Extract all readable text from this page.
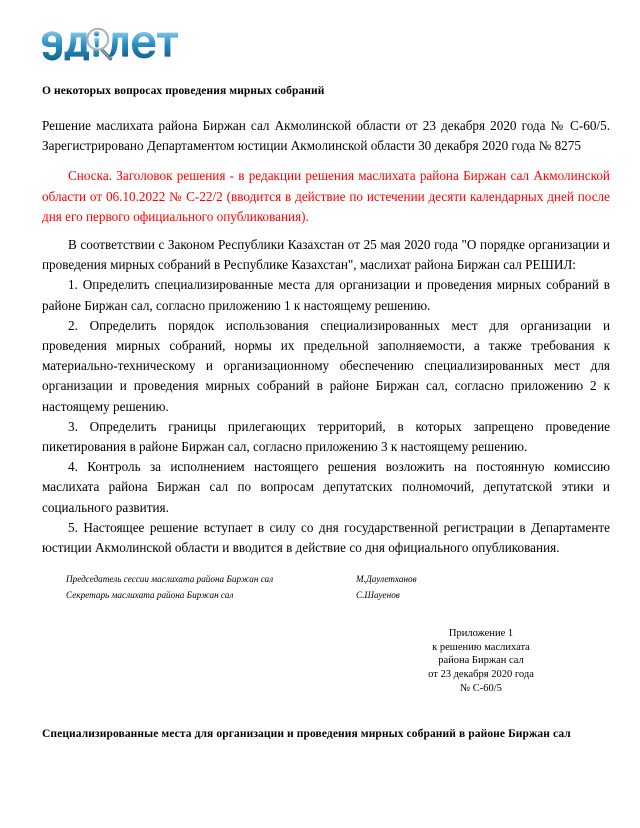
О некоторых вопросах проведения мирных собраний

Решение маслихата района Биржан сал Акмолинской области от 23 декабря 2020 года № С-60/5. Зарегистрировано Департаментом юстиции Акмолинской области 30 декабря 2020 года № 8275

Сноска. Заголовок решения - в редакции решения маслихата района Биржан сал Акмолинской области от 06.10.2022 № С-22/2 (вводится в действие по истечении десяти календарных дней после дня его первого официального опубликования).

В соответствии с Законом Республики Казахстан от 25 мая 2020 года "О порядке организации и проведения мирных собраний в Республике Казахстан", маслихат района Биржан сал РЕШИЛ:

1. Определить специализированные места для организации и проведения мирных собраний в районе Биржан сал, согласно приложению 1 к настоящему решению.

2. Определить порядок использования специализированных мест для организации и проведения мирных собраний, нормы их предельной заполняемости, а также требования к материально-техническому и организационному обеспечению специализированных мест для организации и проведения мирных собраний в районе Биржан сал, согласно приложению 2 к настоящему решению.

3. Определить границы прилегающих территорий, в которых запрещено проведение пикетирования в районе Биржан сал, согласно приложению 3 к настоящему решению.

4. Контроль за исполнением настоящего решения возложить на постоянную комиссию маслихата района Биржан сал по вопросам депутатских полномочий, депутатской этики и социального развития.

5. Настоящее решение вступает в силу со дня государственной регистрации в Департаменте юстиции Акмолинской области и вводится в действие со дня официального опубликования.

Председатель сессии маслихата района Биржан сал	М.Даулетханов
Секретарь маслихата района Биржан сал	С.Шауенов
Приложение 1
к решению маслихата
района Биржан сал
от 23 декабря 2020 года
№ С-60/5
Специализированные места для организации и проведения мирных собраний в районе Биржан сал
